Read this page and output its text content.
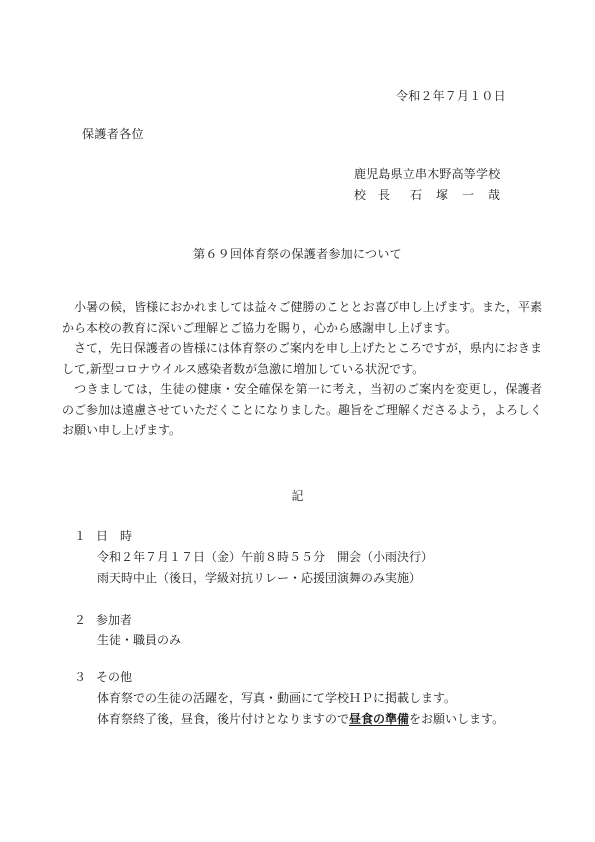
令和２年７月１０日

保護者各位

鹿児島県立串木野高等学校

校　長 石　塚　一　哉

第６９回体育祭の保護者参加について

　小暑の候，皆様におかれましては益々ご健勝のこととお喜び申し上げます。また，平素から本校の教育に深いご理解とご協力を賜り，心から感謝申し上げます。

　さて，先日保護者の皆様には体育祭のご案内を申し上げたところですが，県内におきまして,新型コロナウイルス感染者数が急激に増加している状況です。

　つきましては，生徒の健康・安全確保を第一に考え，当初のご案内を変更し，保護者のご参加は遠慮させていただくことになりました。趣旨をご理解くださるよう，よろしくお願い申し上げます。

記

１ 日　時
令和２年７月１７日（金）午前８時５５分　開会（小雨決行）
雨天時中止（後日，学級対抗リレー・応援団演舞のみ実施）
２ 参加者
生徒・職員のみ
３ その他
体育祭での生徒の活躍を，写真・動画にて学校ＨＰに掲載します。
体育祭終了後，昼食，後片付けとなりますので昼食の準備をお願いします。
